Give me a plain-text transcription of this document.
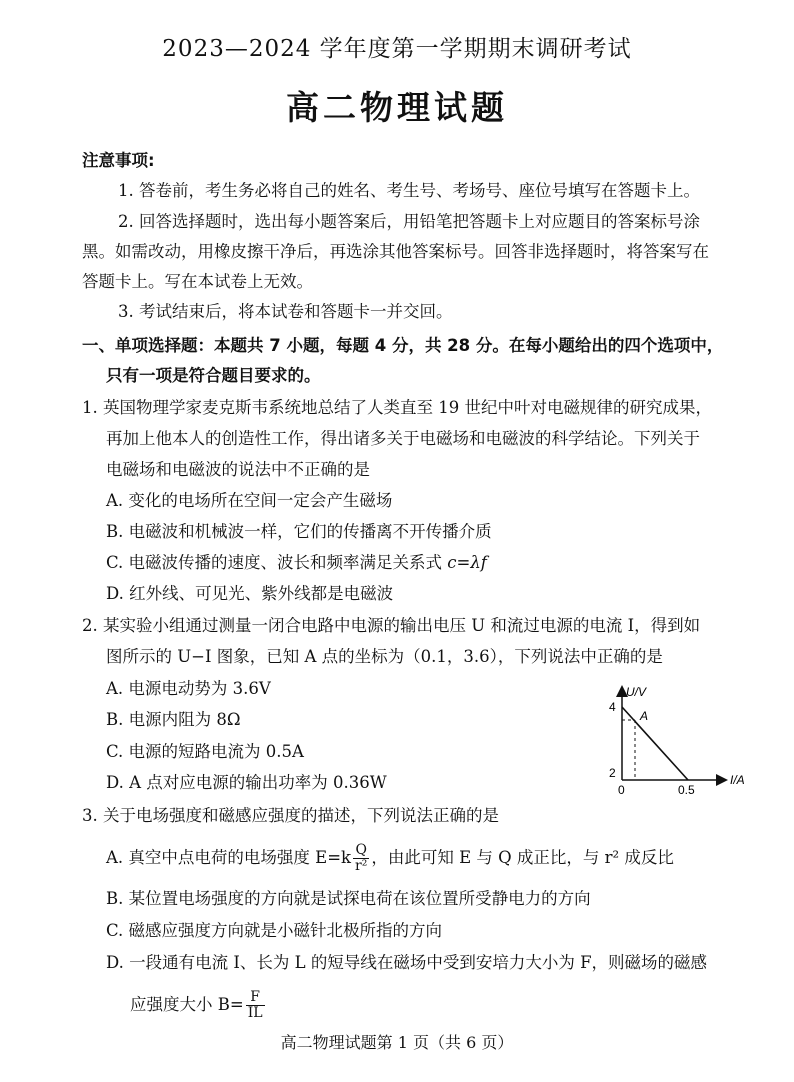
2023—2024 学年度第一学期期末调研考试
高二物理试题
注意事项:
1. 答卷前，考生务必将自己的姓名、考生号、考场号、座位号填写在答题卡上。
2. 回答选择题时，选出每小题答案后，用铅笔把答题卡上对应题目的答案标号涂
黑。如需改动，用橡皮擦干净后，再选涂其他答案标号。回答非选择题时，将答案写在
答题卡上。写在本试卷上无效。
3. 考试结束后，将本试卷和答题卡一并交回。
一、单项选择题：本题共 7 小题，每题 4 分，共 28 分。在每小题给出的四个选项中，
只有一项是符合题目要求的。
1. 英国物理学家麦克斯韦系统地总结了人类直至 19 世纪中叶对电磁规律的研究成果，
再加上他本人的创造性工作，得出诸多关于电磁场和电磁波的科学结论。下列关于
电磁场和电磁波的说法中不正确的是
A. 变化的电场所在空间一定会产生磁场
B. 电磁波和机械波一样，它们的传播离不开传播介质
C. 电磁波传播的速度、波长和频率满足关系式 c=λf
D. 红外线、可见光、紫外线都是电磁波
2. 某实验小组通过测量一闭合电路中电源的输出电压 U 和流过电源的电流 I，得到如
图所示的 U−I 图象，已知 A 点的坐标为（0.1，3.6），下列说法中正确的是
A. 电源电动势为 3.6V
B. 电源内阻为 8Ω
C. 电源的短路电流为 0.5A
D. A 点对应电源的输出功率为 0.36W
U/V
I/A
4
2
0	0.5
A
3. 关于电场强度和磁感应强度的描述，下列说法正确的是
A. 真空中点电荷的电场强度 $E=k \frac{Q}{\text{r²}}$ ，由此可知 E 与 Q 成正比，与 r² 成反比
B. 某位置电场强度的方向就是试探电荷在该位置所受静电力的方向
C. 磁感应强度方向就是小磁针北极所指的方向
D. 一段通有电流 I、长为 L 的短导线在磁场中受到安培力大小为 F，则磁场的磁感
应强度大小 $B= \frac{F}{IL}$
高二物理试题第 1 页（共 6 页）
